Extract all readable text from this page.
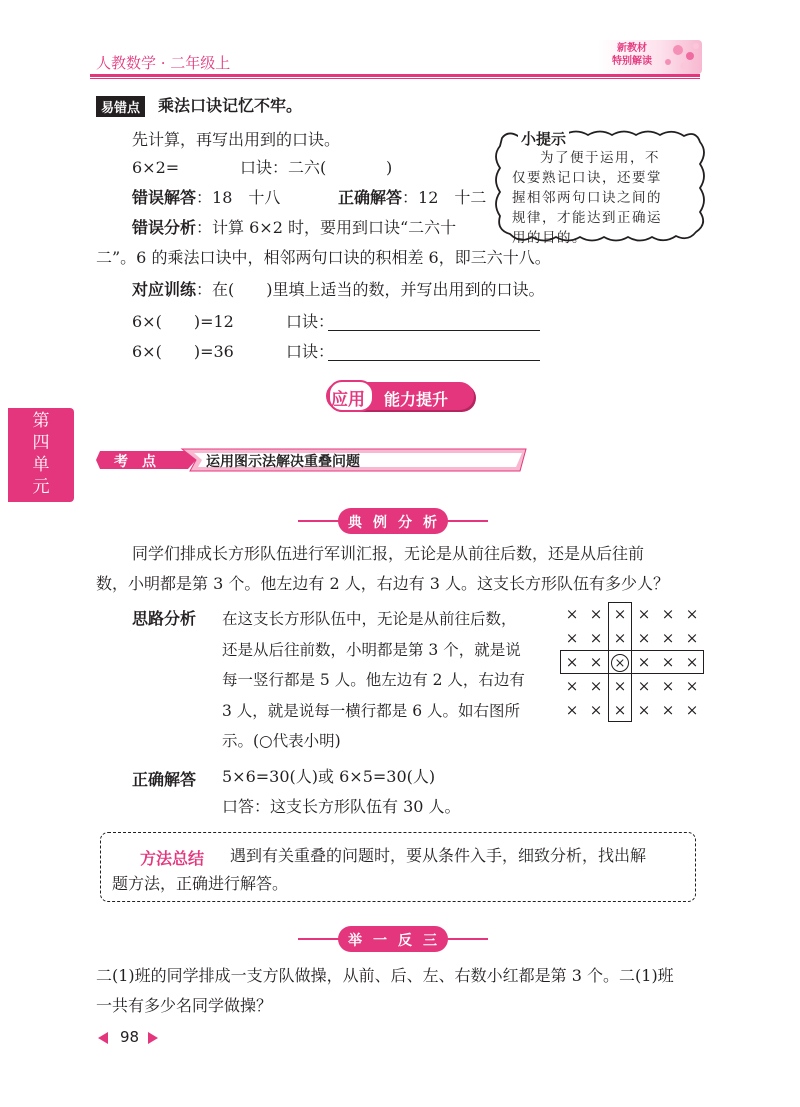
人教数学 · 二年级上
新教材
特别解读
第
四
单
元
易错点	乘法口诀记忆不牢。
先计算，再写出用到的口诀。
6×2=	口诀：二六(	)
错误解答：18　十八	正确解答：12　十二
错误分析：计算 6×2 时，要用到口诀“二六十
二”。6 的乘法口诀中，相邻两句口诀的积相差 6，即三六十八。
对应训练：在(　　)里填上适当的数，并写出用到的口诀。
6×(　　)=12	口诀：
6×(　　)=36	口诀：
小提示
为了便于运用，不
仅要熟记口诀，还要掌
握相邻两句口诀之间的
规律，才能达到正确运
用的目的。
应用 能力提升
考　点	运用图示法解决重叠问题
典 例 分 析
同学们排成长方形队伍进行军训汇报，无论是从前往后数，还是从后往前
数，小明都是第 3 个。他左边有 2 人，右边有 3 人。这支长方形队伍有多少人？
思路分析 在这支长方形队伍中，无论是从前往后数，
还是从后往前数，小明都是第 3 个，就是说
每一竖行都是 5 人。他左边有 2 人，右边有
3 人，就是说每一横行都是 6 人。如右图所
示。(○代表小明)
× × × × × ×
× × × × × ×
× × × × × ×
× × × × × ×
× × × × × ×
正确解答 5×6=30(人)或 6×5=30(人)
口答：这支长方形队伍有 30 人。
方法总结 遇到有关重叠的问题时，要从条件入手，细致分析，找出解
题方法，正确进行解答。
举 一 反 三
二(1)班的同学排成一支方队做操，从前、后、左、右数小红都是第 3 个。二(1)班
一共有多少名同学做操？
98
